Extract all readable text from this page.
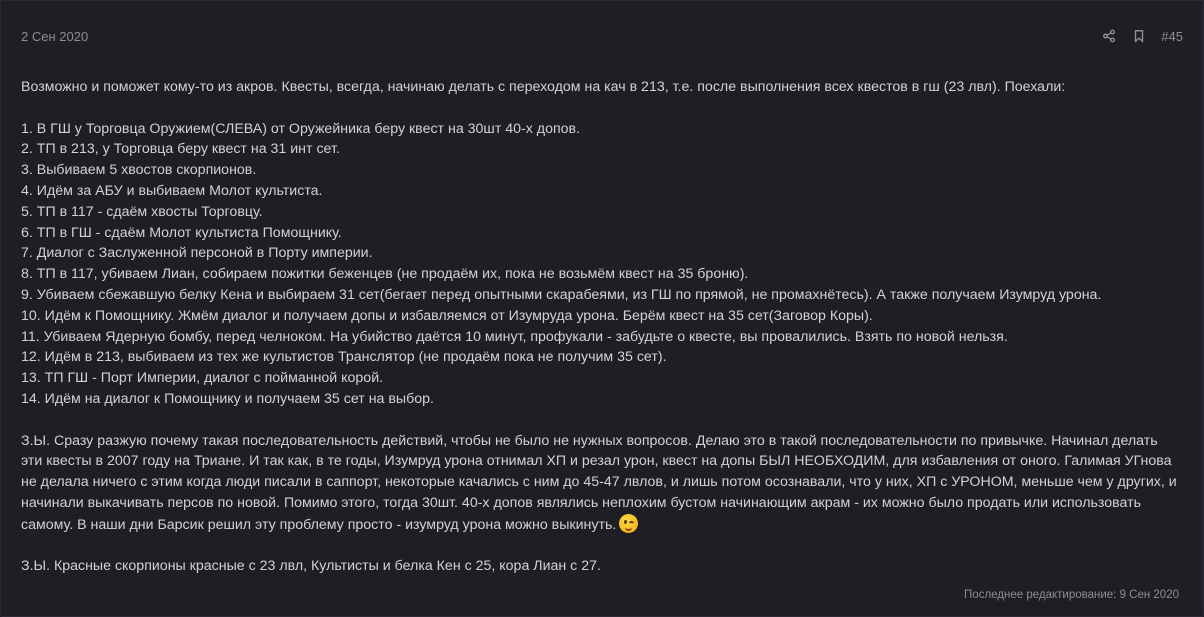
2 Сен 2020	#45

Возможно и поможет кому-то из акров. Квесты, всегда, начинаю делать с переходом на кач в 213, т.е. после выполнения всех квестов в гш (23 лвл). Поехали:

1. В ГШ у Торговца Оружием(СЛЕВА) от Оружейника беру квест на 30шт 40-х допов.

2. ТП в 213, у Торговца беру квест на 31 инт сет.

3. Выбиваем 5 хвостов скорпионов.

4. Идём за АБУ и выбиваем Молот культиста.

5. ТП в 117 - сдаём хвосты Торговцу.

6. ТП в ГШ - сдаём Молот культиста Помощнику.

7. Диалог с Заслуженной персоной в Порту империи.

8. ТП в 117, убиваем Лиан, собираем пожитки беженцев (не продаём их, пока не возьмём квест на 35 броню).

9. Убиваем сбежавшую белку Кена и выбираем 31 сет(бегает перед опытными скарабеями, из ГШ по прямой, не промахнётесь). А также получаем Изумруд урона.

10. Идём к Помощнику. Жмём диалог и получаем допы и избавляемся от Изумруда урона. Берём квест на 35 сет(Заговор Коры).

11. Убиваем Ядерную бомбу, перед челноком. На убийство даётся 10 минут, профукали - забудьте о квесте, вы провалились. Взять по новой нельзя.

12. Идём в 213, выбиваем из тех же культистов Транслятор (не продаём пока не получим 35 сет).

13. ТП ГШ - Порт Империи, диалог с пойманной корой.

14. Идём на диалог к Помощнику и получаем 35 сет на выбор.

З.Ы. Сразу разжую почему такая последовательность действий, чтобы не было не нужных вопросов. Делаю это в такой последовательности по привычке. Начинал делать эти квесты в 2007 году на Триане. И так как, в те годы, Изумруд урона отнимал ХП и резал урон, квест на допы БЫЛ НЕОБХОДИМ, для избавления от оного. Галимая УГнова не делала ничего с этим когда люди писали в саппорт, некоторые качались с ним до 45-47 лвлов, и лишь потом осознавали, что у них, ХП с УРОНОМ, меньше чем у других, и начинали выкачивать персов по новой. Помимо этого, тогда 30шт. 40-х допов являлись неплохим бустом начинающим акрам - их можно было продать или использовать самому. В наши дни Барсик решил эту проблему просто - изумруд урона можно выкинуть.

З.Ы. Красные скорпионы красные с 23 лвл, Культисты и белка Кен с 25, кора Лиан с 27.

Последнее редактирование: 9 Сен 2020
